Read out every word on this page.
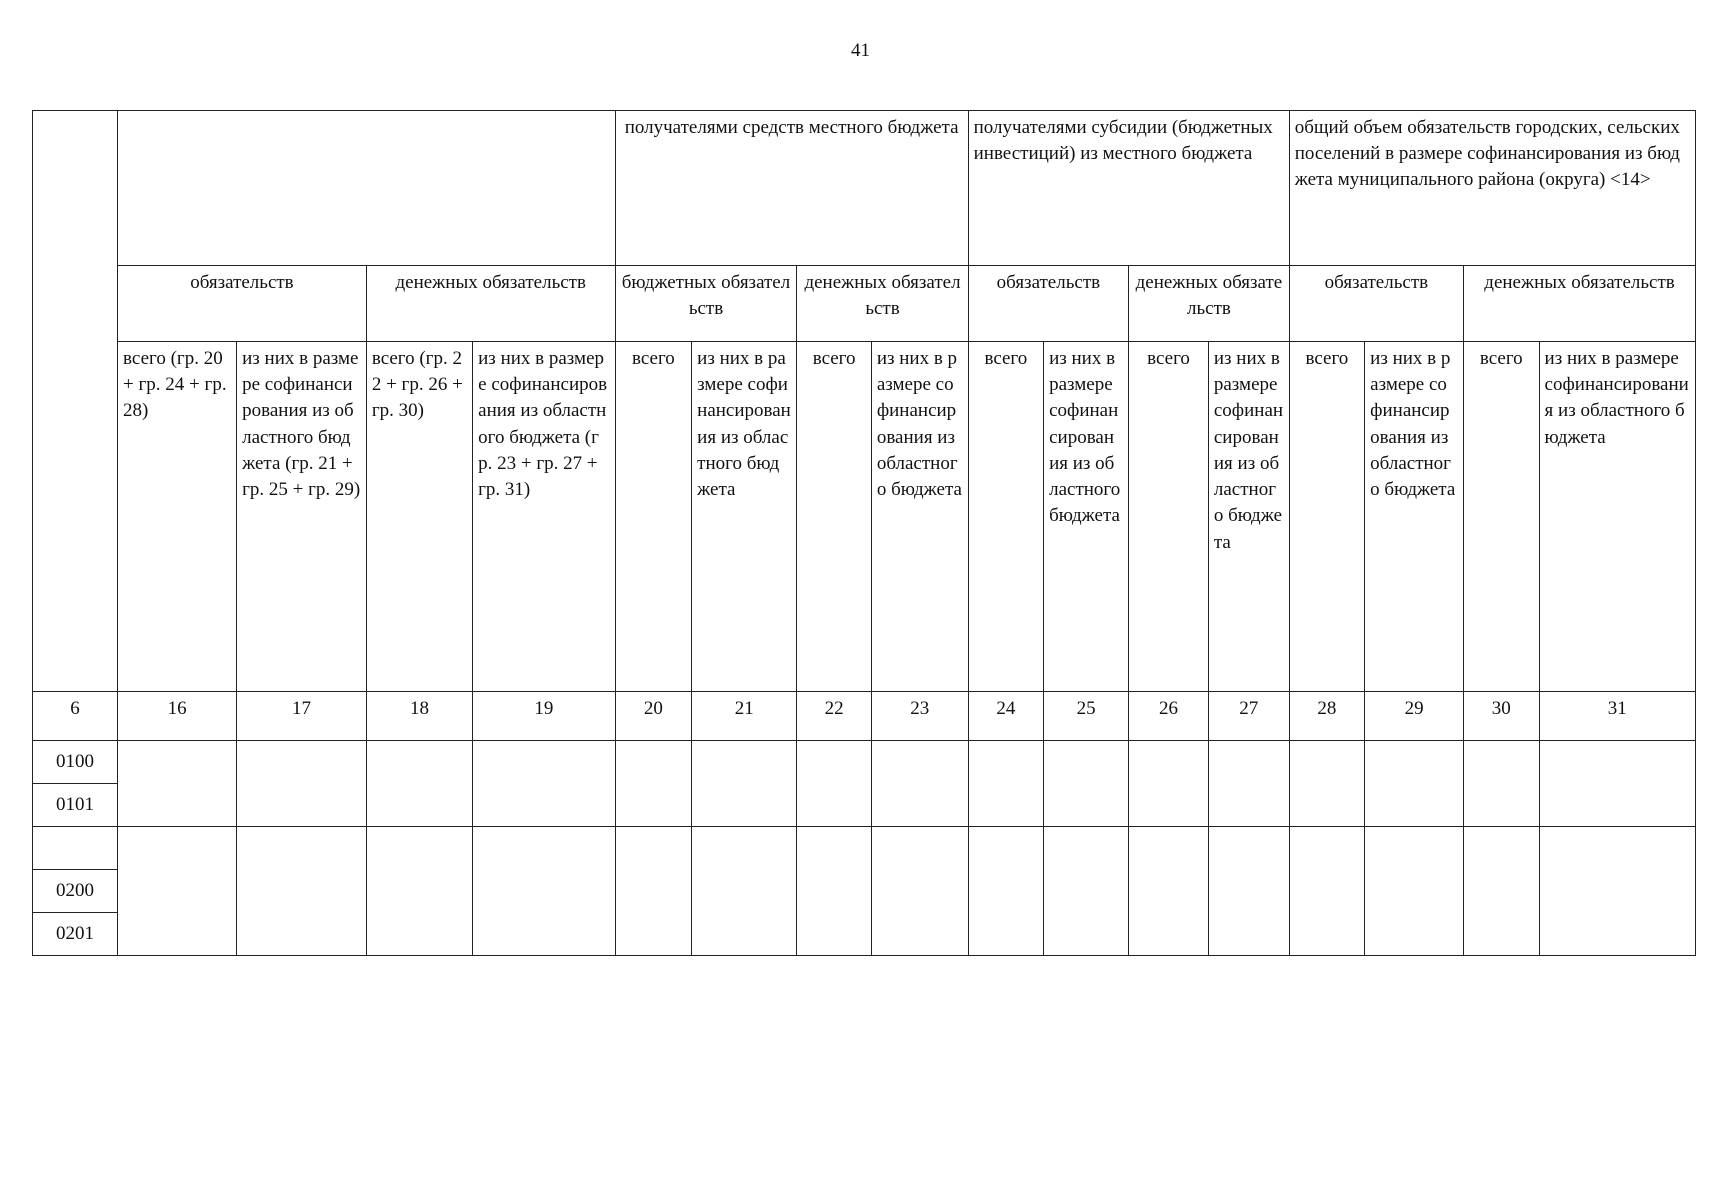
41
					получателями средств местного бюджета				получателями субсидии (бюджетных инвестиций) из местного бюджета				общий объем обязательств городских, сельских поселений в размере софинансирования из бюджета муниципального района (округа) <14>			
	обязательств		денежных обязательств		бюджетных обязательств		денежных обязательств		обязательств		денежных обязательств		обязательств		денежных обязательств	
	всего (гр. 20 + гр. 24 + гр. 28)	из них в размере софинансирования из областного бюджета (гр. 21 + гр. 25 + гр. 29)	всего (гр. 22 + гр. 26 + гр. 30)	из них в размере софинансирования из областного бюджета (гр. 23 + гр. 27 + гр. 31)	всего	из них в размере софинансирования из областного бюджета	всего	из них в размере софинансирования из областного бюджета	всего	из них в размере софинансирования из областного бюджета	всего	из них в размере софинансирования из областного бюджета	всего	из них в размере софинансирования из областного бюджета	всего	из них в размере софинансирования из областного бюджета
6	16	17	18	19	20	21	22	23	24	25	26	27	28	29	30	31
0100																
0101																

0200																
0201																
